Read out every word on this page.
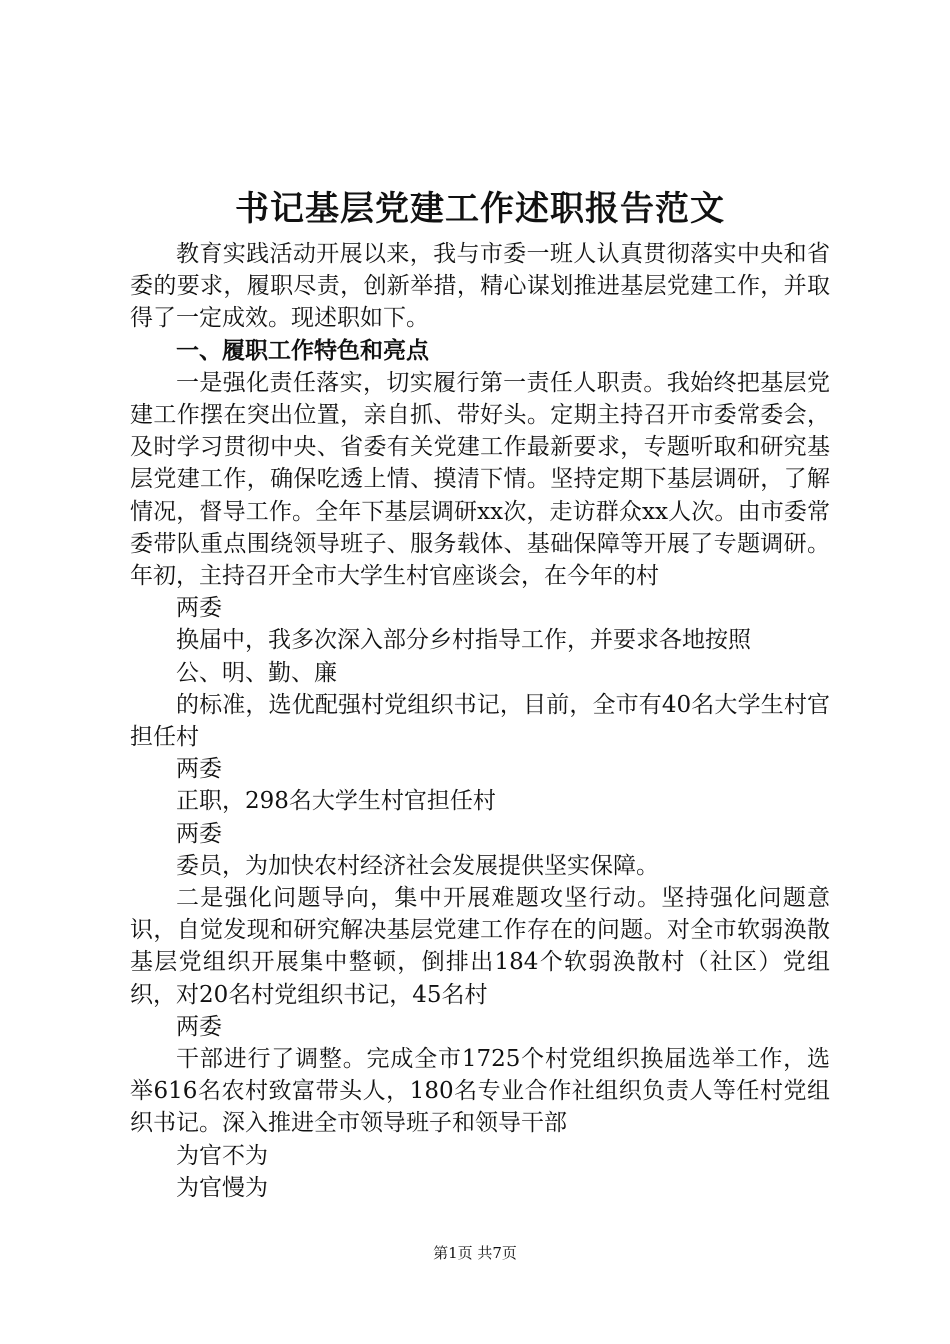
书记基层党建工作述职报告范文

教育实践活动开展以来，我与市委一班人认真贯彻落实中央和省委的要求，履职尽责，创新举措，精心谋划推进基层党建工作，并取得了一定成效。现述职如下。

一、履职工作特色和亮点

一是强化责任落实，切实履行第一责任人职责。我始终把基层党建工作摆在突出位置，亲自抓、带好头。定期主持召开市委常委会，及时学习贯彻中央、省委有关党建工作最新要求，专题听取和研究基层党建工作，确保吃透上情、摸清下情。坚持定期下基层调研，了解情况，督导工作。全年下基层调研xx次，走访群众xx人次。由市委常委带队重点围绕领导班子、服务载体、基础保障等开展了专题调研。年初，主持召开全市大学生村官座谈会，在今年的村

两委

换届中，我多次深入部分乡村指导工作，并要求各地按照

公、明、勤、廉

的标准，选优配强村党组织书记，目前，全市有40名大学生村官担任村

两委

正职，298名大学生村官担任村

两委

委员，为加快农村经济社会发展提供坚实保障。

二是强化问题导向，集中开展难题攻坚行动。坚持强化问题意识，自觉发现和研究解决基层党建工作存在的问题。对全市软弱涣散基层党组织开展集中整顿，倒排出184个软弱涣散村（社区）党组织，对20名村党组织书记，45名村

两委

干部进行了调整。完成全市1725个村党组织换届选举工作，选举616名农村致富带头人，180名专业合作社组织负责人等任村党组织书记。深入推进全市领导班子和领导干部

为官不为

为官慢为

第1页 共7页
